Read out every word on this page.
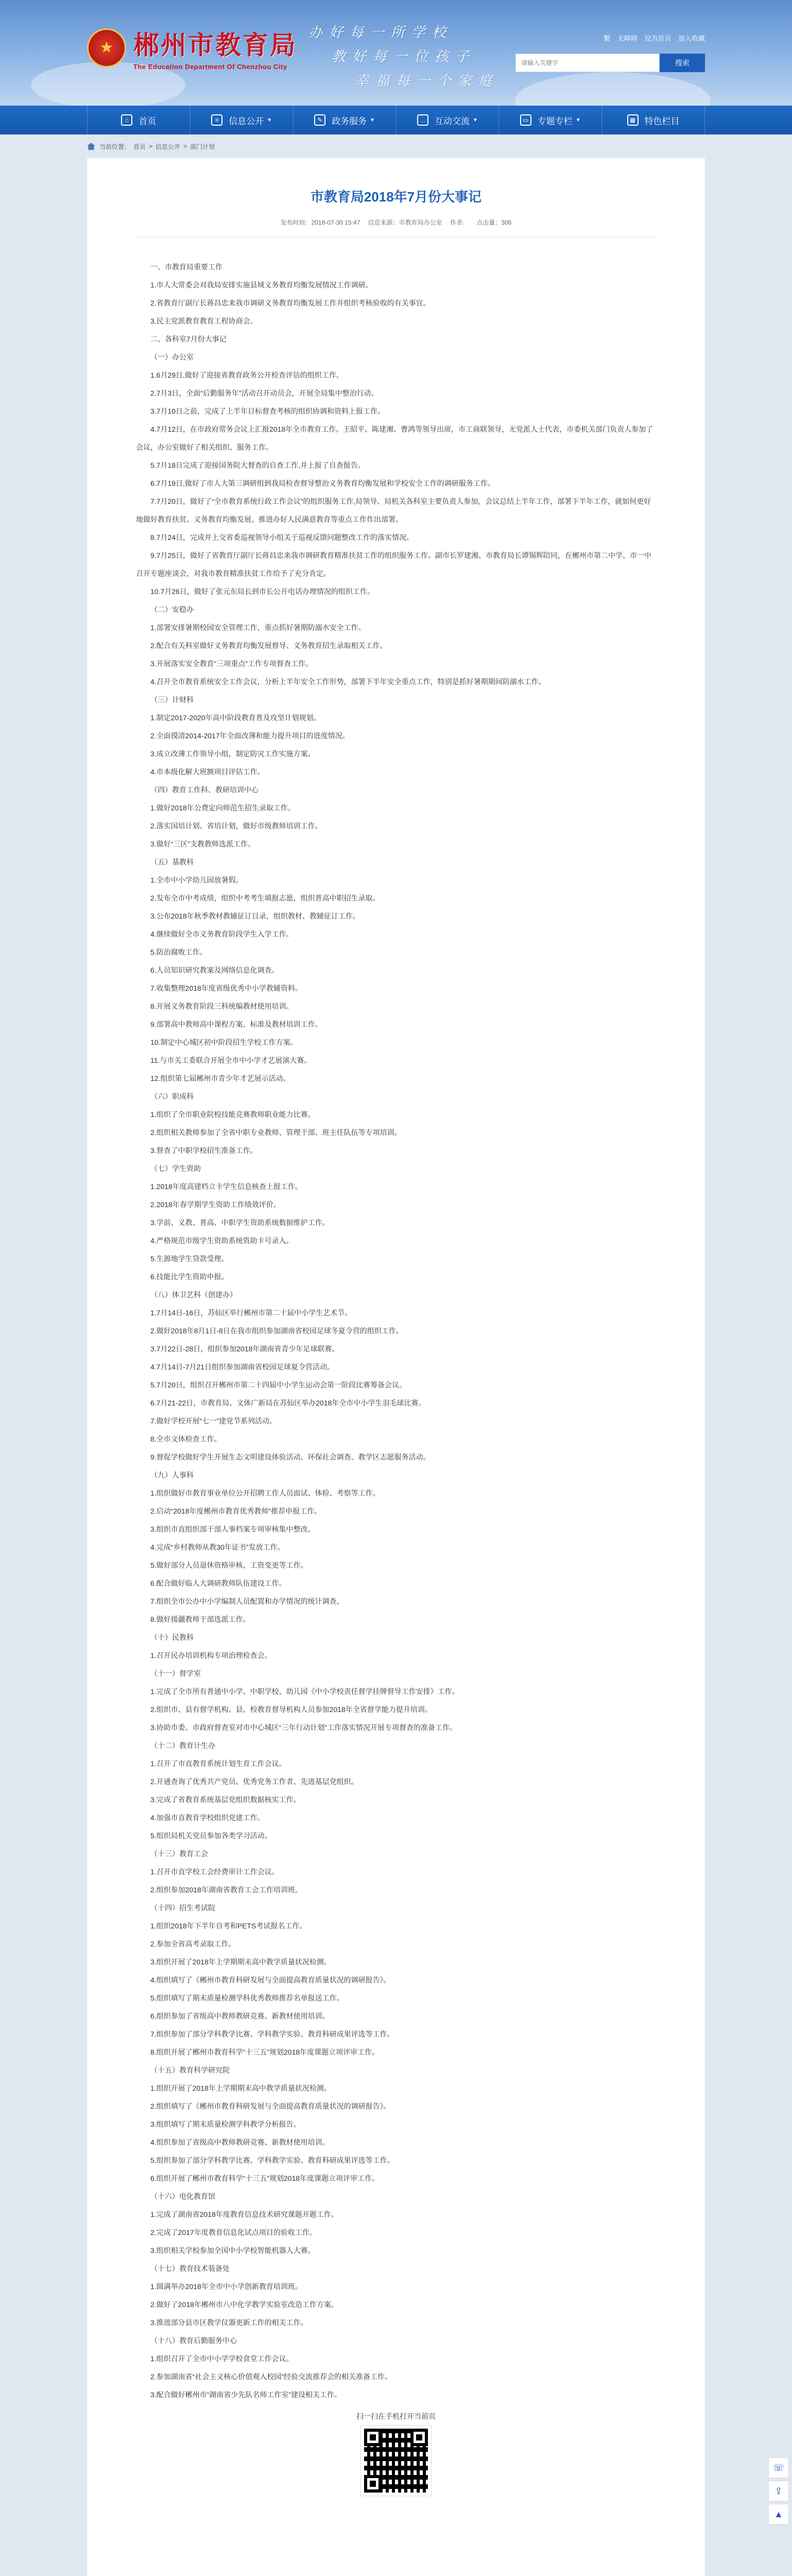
★ 郴州市教育局
The Education Department Of Chenzhou City
办好每一所学校
教好每一位孩子
幸福每一个家庭
繁 无障碍 设为首页 加入收藏
请输入关键字
搜索
⌂	首页	≡	信息公开 ▼	✎	政务服务 ▼	… 互动交流 ▼	▭	专题专栏 ▼	▦	特色栏目
当前位置： 首页 > 信息公开 > 部门计划
市教育局2018年7月份大事记
发布时间：2018-07-30 15:47 信息来源：市教育局办公室 作者： 点击量：306

一、市教育局重要工作

1.市人大常委会对我局安排实施县域义务教育均衡发展情况工作调研。

2.省教育厅副厅长蒋昌忠来我市调研义务教育均衡发展工作并组织考核验收的有关事宜。

3.民主党派教育教育工程协商会。

二、各科室7月份大事记

（一）办公室

1.6月29日,做好了迎接省教育政务公开检查评估的组织工作。

2.7月3日，全面“后勤服务年”活动召开动员会，开展全局集中整治行动。

3.7月10日之前，完成了上半年目标督查考核的组织协调和资料上报工作。

4.7月12日，在市政府常务会议上汇报2018年全市教育工作。王昭平、陈建湘、曹鸿等领导出席，市工商联领导，无党派人士代表，市委机关部门负责人参加了会议，办公室做好了相关组织、服务工作。

5.7月18日完成了迎接国务院大督查的自查工作,并上报了自查报告。

6.7月19日,做好了市人大第三调研组到我局检查督导整治义务教育均衡发展和学校安全工作的调研服务工作。

7.7月20日，做好了“全市教育系统行政工作会议”的组织服务工作,局领导、局机关各科室主要负责人参加，会议总结上半年工作，部署下半年工作，就如何更好地做好教育扶贫、义务教育均衡发展、推进办好人民满意教育等重点工作作出部署。

8.7月24日，完成并上交省委巡视领导小组关于巡视反馈问题整改工作的落实情况。

9.7月25日，做好了省教育厅副厅长蒋昌忠来我市调研教育精准扶贫工作的组织服务工作。副市长罗建湘、市教育局长谭锡辉陪同，在郴州市第二中学、市一中召开专题座谈会，对我市教育精准扶贫工作给予了充分肯定。

10.7月26日，做好了张元东局长到市长公开电话办理情况的组织工作。

（二）安稳办

1.部署安排暑期校园安全管理工作，重点抓好暑期防溺水安全工作。

2.配合有关科室做好义务教育均衡发展督导、义务教育招生录取相关工作。

3.开展落实安全教育“三项重点”工作专项督查工作。

4.召开全市教育系统安全工作会议，分析上半年安全工作形势，部署下半年安全重点工作，特别是抓好暑期期间防溺水工作。

（三）计财科

1.制定2017-2020年高中阶段教育普及攻坚计划规划。

2.全面摸清2014-2017年全面改薄和能力提升项目的进度情况。

3.成立改薄工作领导小组，制定防灾工作实施方案。

4.市本级化解大班额项目评估工作。

（四）教育工作科、教研培训中心

1.做好2018年公费定向师范生招生录取工作。

2.落实国培计划、省培计划，做好市级教师培训工作。

3.做好“三区”支教教师选派工作。

（五）基教科

1.全市中小学幼儿园放暑假。

2.发布全市中考成绩，组织中考考生填报志愿，组织普高中职招生录取。

3.公布2018年秋季教材教辅征订目录，组织教材、教辅征订工作。

4.继续做好全市义务教育阶段学生入学工作。

5.防治腐败工作。

6.人员知识研究教案及网络信息化调查。

7.收集整理2018年度省级优秀中小学教辅资料。

8.开展义务教育阶段三科统编教材使用培训。

9.部署高中教师高中课程方案、标准及教材培训工作。

10.制定中心城区初中阶段招生学校工作方案。

11.与市关工委联合开展全市中小学才艺展演大赛。

12.组织第七届郴州市青少年才艺展示活动。

（六）职成科

1.组织了全市职业院校技能竞赛教师职业能力比赛。

2.组织相关教师参加了全省中职专业教师、管理干部、班主任队伍等专项培训。

3.督查了中职学校招生准备工作。

（七）学生资助

1.2018年度高建档立卡学生信息核查上报工作。

2.2018年春学期学生资助工作绩效评价。

3.学前、义教、普高、中职学生资助系统数据维护工作。

4.严格规范市级学生资助系统资助卡号录入。

5.生源地学生贷款受理。

6.技能比学生资助申报。

（八）体卫艺科（创建办）

1.7月14日-16日，苏仙区举行郴州市第二十届中小学生艺术节。

2.做好2018年8月1日-8日在我市组织参加湖南省校园足球冬夏令营的组织工作。

3.7月22日-28日，组织参加2018年湖南省青少年足球联赛。

4.7月14日-7月21日组织参加湖南省校园足球夏令营活动。

5.7月20日，组织召开郴州市第二十四届中小学生运动会第一阶段比赛筹备会议。

6.7月21-22日，市教育局、文体广新局在苏仙区举办2018年全市中小学生羽毛球比赛。

7.做好学校开展“七一”建党节系列活动。

8.全市文体检查工作。

9.督促学校做好学生开展生态文明建设体验活动、环保社会调查、教学区志愿服务活动。

（九）人事科

1.组织做好市教育事业单位公开招聘工作人员面试、体检、考察等工作。

2.启动“2018年度郴州市教育优秀教师”推荐申报工作。

3.组织市直组织部干部人事档案专项审核集中整改。

4.完成“乡村教师从教30年证书”发放工作。

5.做好部分人员退休资格审核、工资变更等工作。

6.配合做好临人大调研教师队伍建设工作。

7.组织全市公办中小学编制人员配置和办学情况的统计调查。

8.做好援疆教师干部选派工作。

（十）民教科

1.召开民办培训机构专项治理检查会。

（十一）督学室

1.完成了全市所有普通中小学、中职学校、幼儿园《中小学校责任督学挂牌督导工作安排》工作。

2.组织市、县有督学机构、县、校教育督导机构人员参加2018年全省督学能力提升培训。

3.协助市委、市政府督查室对市中心城区“三年行动计划”工作落实情况开展专项督查的准备工作。

（十二）教育计生办

1.召开了市直教育系统计划生育工作会议。

2.开通查询了优秀共产党员、优秀党务工作者、先进基层党组织。

3.完成了省教育系统基层党组织数据核实工作。

4.加强市直教育学校组织党建工作。

5.组织局机关党员参加各类学习活动。

（十三）教育工会

1.召开市直学校工会经费审计工作会议。

2.组织参加2018年湖南省教育工会工作培训班。

（十四）招生考试院

1.组织2018年下半年自考和PETS考试报名工作。

2.参加全省高考录取工作。

3.组织开展了2018年上学期期末高中教学质量状况检测。

4.组织填写了《郴州市教育科研发展与全面提高教育质量状况的调研报告》。

5.组织填写了期末质量检测学科优秀教师推荐名单报送工作。

6.组织参加了省级高中教师教研竞赛、新教材使用培训。

7.组织参加了部分学科教学比赛、学科教学实验、教育科研成果评选等工作。

8.组织开展了郴州市教育科学“十三五”规划2018年度课题立项评审工作。

（十五）教育科学研究院

1.组织开展了2018年上学期期末高中教学质量状况检测。

2.组织填写了《郴州市教育科研发展与全面提高教育质量状况的调研报告》。

3.组织填写了期末质量检测学科教学分析报告。

4.组织参加了省级高中教师教研竞赛、新教材使用培训。

5.组织参加了部分学科教学比赛、学科教学实验、教育科研成果评选等工作。

6.组织开展了郴州市教育科学“十三五”规划2018年度课题立项评审工作。

（十六）电化教育馆

1.完成了湖南省2018年度教育信息技术研究课题开题工作。

2.完成了2017年度教育信息化试点项目的验收工作。

3.组织相关学校参加全国中小学校智能机器人大赛。

（十七）教育技术装备处

1.圆满举办2018年全市中小学创新教育培训班。

2.做好了2018年郴州市八中化学教学实验室改造工作方案。

3.推进部分县市区教学仪器更新工作的相关工作。

（十八）教育后勤服务中心

1.组织召开了全市中小学学校食堂工作会议。

2.参加湖南省“社会主义核心价值观入校园”经验交流推荐会的相关准备工作。

3.配合做好郴州市“湖南省少先队名师工作室”建设相关工作。

扫一扫在手机打开当前页
☏
⇪
▲
